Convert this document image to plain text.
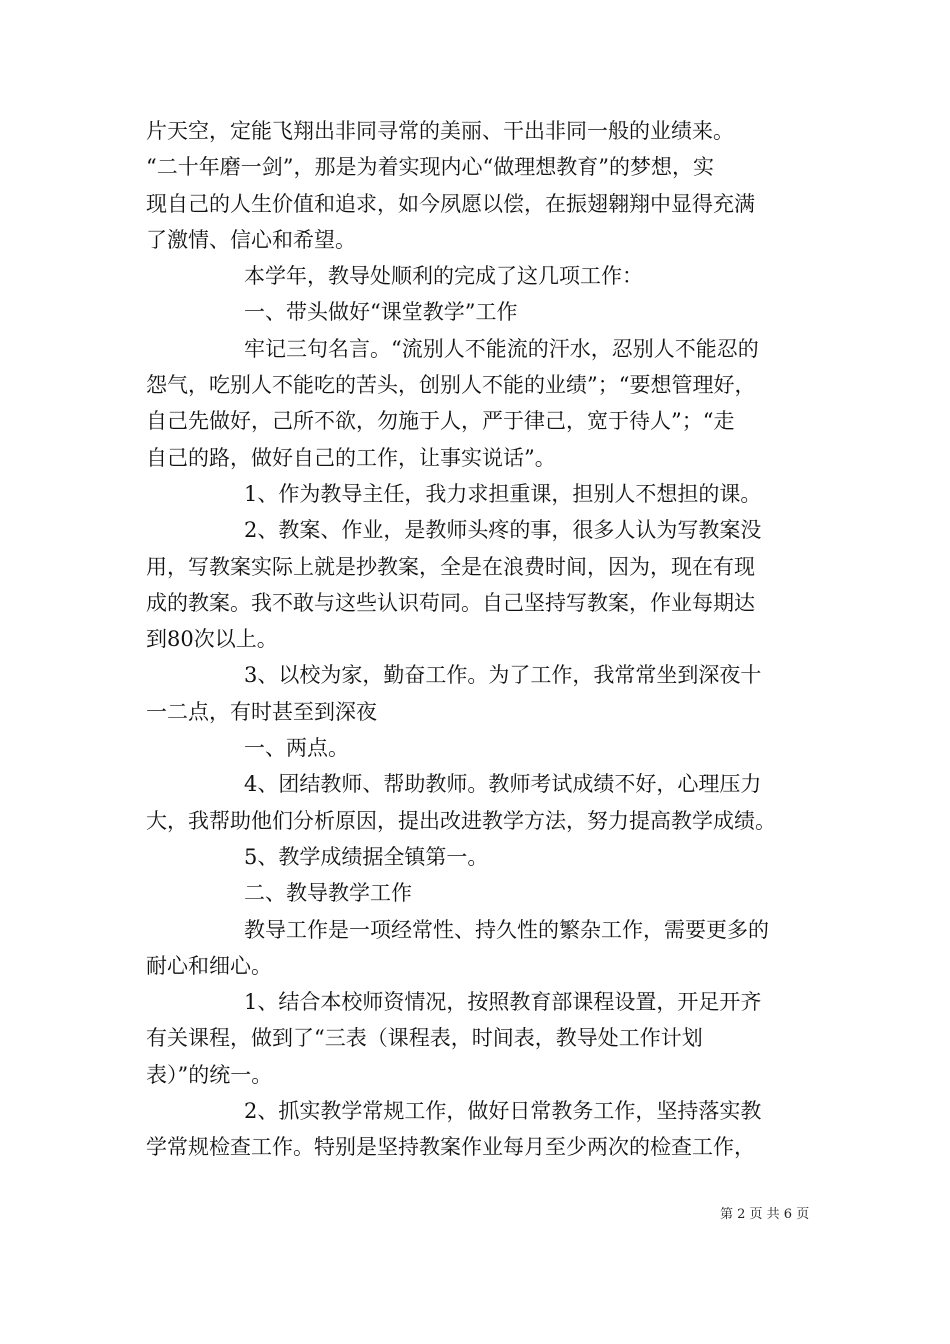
片天空，定能飞翔出非同寻常的美丽、干出非同一般的业绩来。
“二十年磨一剑”，那是为着实现内心“做理想教育”的梦想，实
现自己的人生价值和追求，如今夙愿以偿，在振翅翱翔中显得充满
了激情、信心和希望。
本学年，教导处顺利的完成了这几项工作：
一、带头做好“课堂教学”工作
牢记三句名言。“流别人不能流的汗水，忍别人不能忍的
怨气，吃别人不能吃的苦头，创别人不能的业绩”；“要想管理好，
自己先做好，己所不欲，勿施于人，严于律己，宽于待人”；“走
自己的路，做好自己的工作，让事实说话”。
1、作为教导主任，我力求担重课，担别人不想担的课。
2、教案、作业，是教师头疼的事，很多人认为写教案没
用，写教案实际上就是抄教案，全是在浪费时间，因为，现在有现
成的教案。我不敢与这些认识苟同。自己坚持写教案，作业每期达
到80次以上。
3、以校为家，勤奋工作。为了工作，我常常坐到深夜十
一二点，有时甚至到深夜
一、两点。
4、团结教师、帮助教师。教师考试成绩不好，心理压力
大，我帮助他们分析原因，提出改进教学方法，努力提高教学成绩。
5、教学成绩据全镇第一。
二、教导教学工作
教导工作是一项经常性、持久性的繁杂工作，需要更多的
耐心和细心。
1、结合本校师资情况，按照教育部课程设置，开足开齐
有关课程，做到了“三表（课程表，时间表，教导处工作计划
表）”的统一。
2、抓实教学常规工作，做好日常教务工作，坚持落实教
学常规检查工作。特别是坚持教案作业每月至少两次的检查工作，
第 2 页 共 6 页
